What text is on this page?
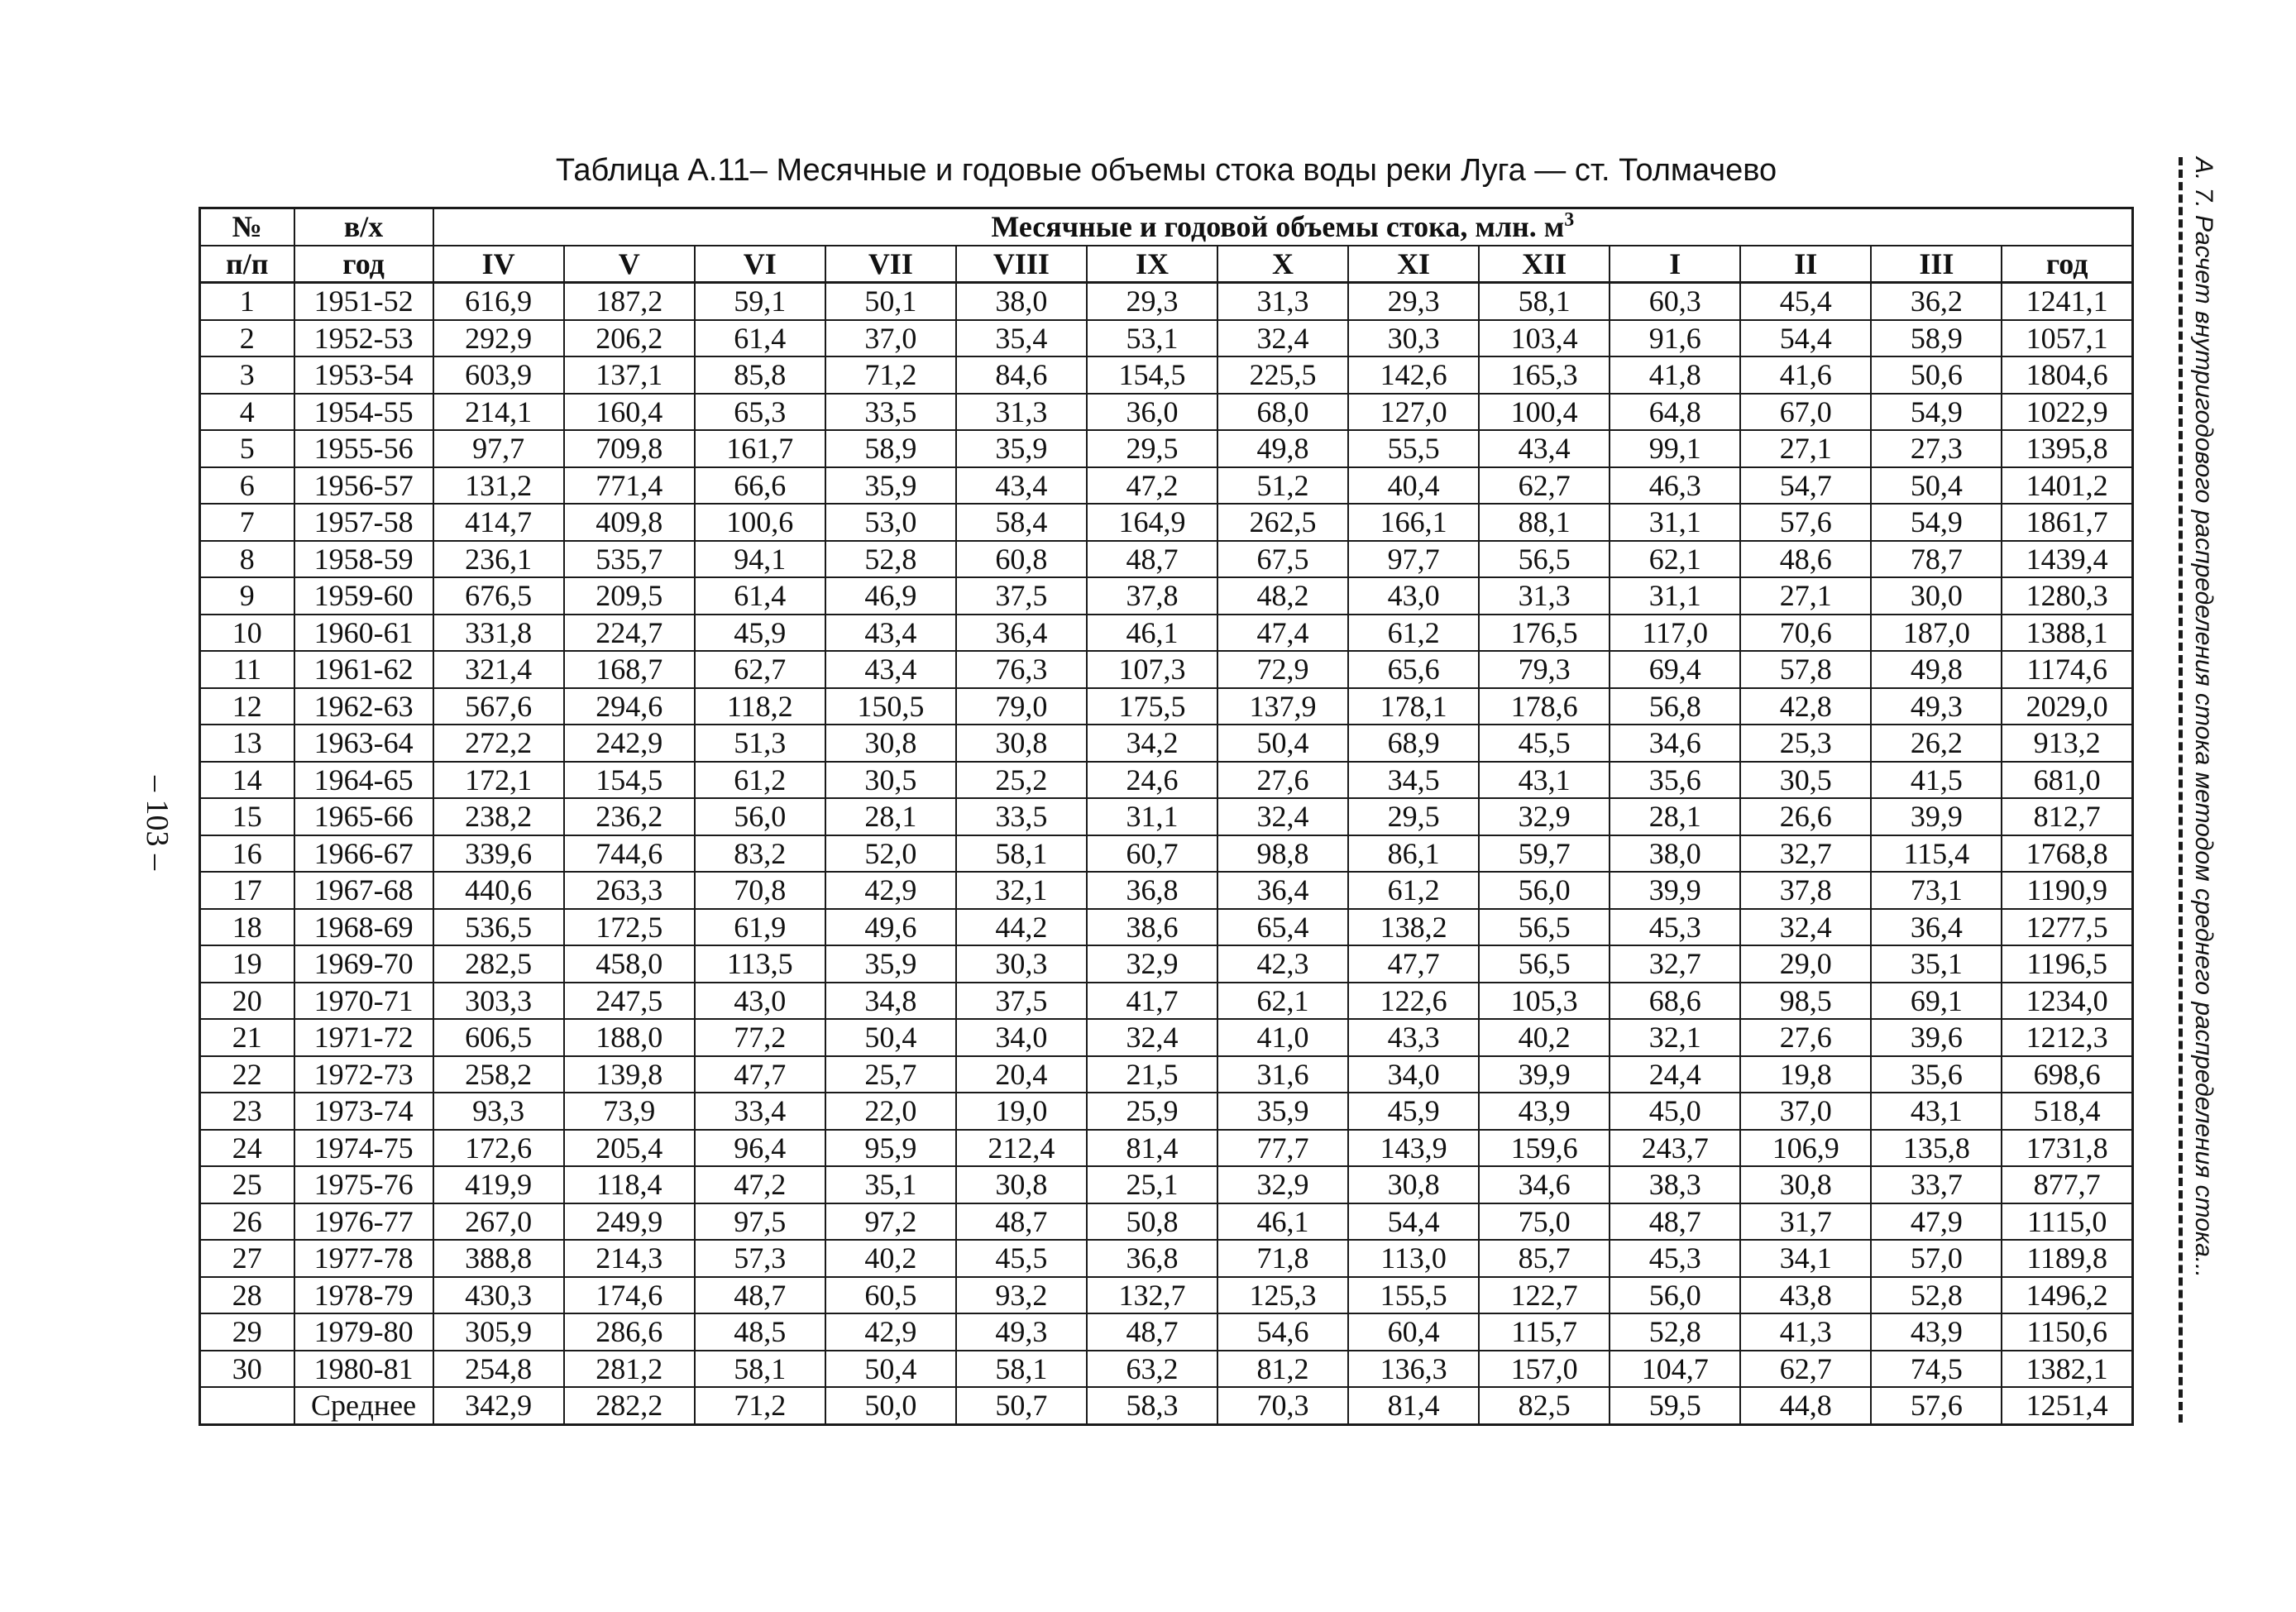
Таблица А.11– Месячные и годовые объемы стока воды реки Луга — ст. Толмачево
№	в/х	Месячные и годовой объемы стока, млн. $м^3$
п/п	год	IV	V	VI	VII	VIII	IX	X	XI	XII	I	II	III	год
1	1951-52	616,9	187,2	59,1	50,1	38,0	29,3	31,3	29,3	58,1	60,3	45,4	36,2	1241,1
2	1952-53	292,9	206,2	61,4	37,0	35,4	53,1	32,4	30,3	103,4	91,6	54,4	58,9	1057,1
3	1953-54	603,9	137,1	85,8	71,2	84,6	154,5	225,5	142,6	165,3	41,8	41,6	50,6	1804,6
4	1954-55	214,1	160,4	65,3	33,5	31,3	36,0	68,0	127,0	100,4	64,8	67,0	54,9	1022,9
5	1955-56	97,7	709,8	161,7	58,9	35,9	29,5	49,8	55,5	43,4	99,1	27,1	27,3	1395,8
6	1956-57	131,2	771,4	66,6	35,9	43,4	47,2	51,2	40,4	62,7	46,3	54,7	50,4	1401,2
7	1957-58	414,7	409,8	100,6	53,0	58,4	164,9	262,5	166,1	88,1	31,1	57,6	54,9	1861,7
8	1958-59	236,1	535,7	94,1	52,8	60,8	48,7	67,5	97,7	56,5	62,1	48,6	78,7	1439,4
9	1959-60	676,5	209,5	61,4	46,9	37,5	37,8	48,2	43,0	31,3	31,1	27,1	30,0	1280,3
10	1960-61	331,8	224,7	45,9	43,4	36,4	46,1	47,4	61,2	176,5	117,0	70,6	187,0	1388,1
11	1961-62	321,4	168,7	62,7	43,4	76,3	107,3	72,9	65,6	79,3	69,4	57,8	49,8	1174,6
12	1962-63	567,6	294,6	118,2	150,5	79,0	175,5	137,9	178,1	178,6	56,8	42,8	49,3	2029,0
13	1963-64	272,2	242,9	51,3	30,8	30,8	34,2	50,4	68,9	45,5	34,6	25,3	26,2	913,2
14	1964-65	172,1	154,5	61,2	30,5	25,2	24,6	27,6	34,5	43,1	35,6	30,5	41,5	681,0
15	1965-66	238,2	236,2	56,0	28,1	33,5	31,1	32,4	29,5	32,9	28,1	26,6	39,9	812,7
16	1966-67	339,6	744,6	83,2	52,0	58,1	60,7	98,8	86,1	59,7	38,0	32,7	115,4	1768,8
17	1967-68	440,6	263,3	70,8	42,9	32,1	36,8	36,4	61,2	56,0	39,9	37,8	73,1	1190,9
18	1968-69	536,5	172,5	61,9	49,6	44,2	38,6	65,4	138,2	56,5	45,3	32,4	36,4	1277,5
19	1969-70	282,5	458,0	113,5	35,9	30,3	32,9	42,3	47,7	56,5	32,7	29,0	35,1	1196,5
20	1970-71	303,3	247,5	43,0	34,8	37,5	41,7	62,1	122,6	105,3	68,6	98,5	69,1	1234,0
21	1971-72	606,5	188,0	77,2	50,4	34,0	32,4	41,0	43,3	40,2	32,1	27,6	39,6	1212,3
22	1972-73	258,2	139,8	47,7	25,7	20,4	21,5	31,6	34,0	39,9	24,4	19,8	35,6	698,6
23	1973-74	93,3	73,9	33,4	22,0	19,0	25,9	35,9	45,9	43,9	45,0	37,0	43,1	518,4
24	1974-75	172,6	205,4	96,4	95,9	212,4	81,4	77,7	143,9	159,6	243,7	106,9	135,8	1731,8
25	1975-76	419,9	118,4	47,2	35,1	30,8	25,1	32,9	30,8	34,6	38,3	30,8	33,7	877,7
26	1976-77	267,0	249,9	97,5	97,2	48,7	50,8	46,1	54,4	75,0	48,7	31,7	47,9	1115,0
27	1977-78	388,8	214,3	57,3	40,2	45,5	36,8	71,8	113,0	85,7	45,3	34,1	57,0	1189,8
28	1978-79	430,3	174,6	48,7	60,5	93,2	132,7	125,3	155,5	122,7	56,0	43,8	52,8	1496,2
29	1979-80	305,9	286,6	48,5	42,9	49,3	48,7	54,6	60,4	115,7	52,8	41,3	43,9	1150,6
30	1980-81	254,8	281,2	58,1	50,4	58,1	63,2	81,2	136,3	157,0	104,7	62,7	74,5	1382,1
	Среднее	342,9	282,2	71,2	50,0	50,7	58,3	70,3	81,4	82,5	59,5	44,8	57,6	1251,4
– 103 –	А. 7. Расчет внутригодового распределения стока методом среднего распределения стока...
